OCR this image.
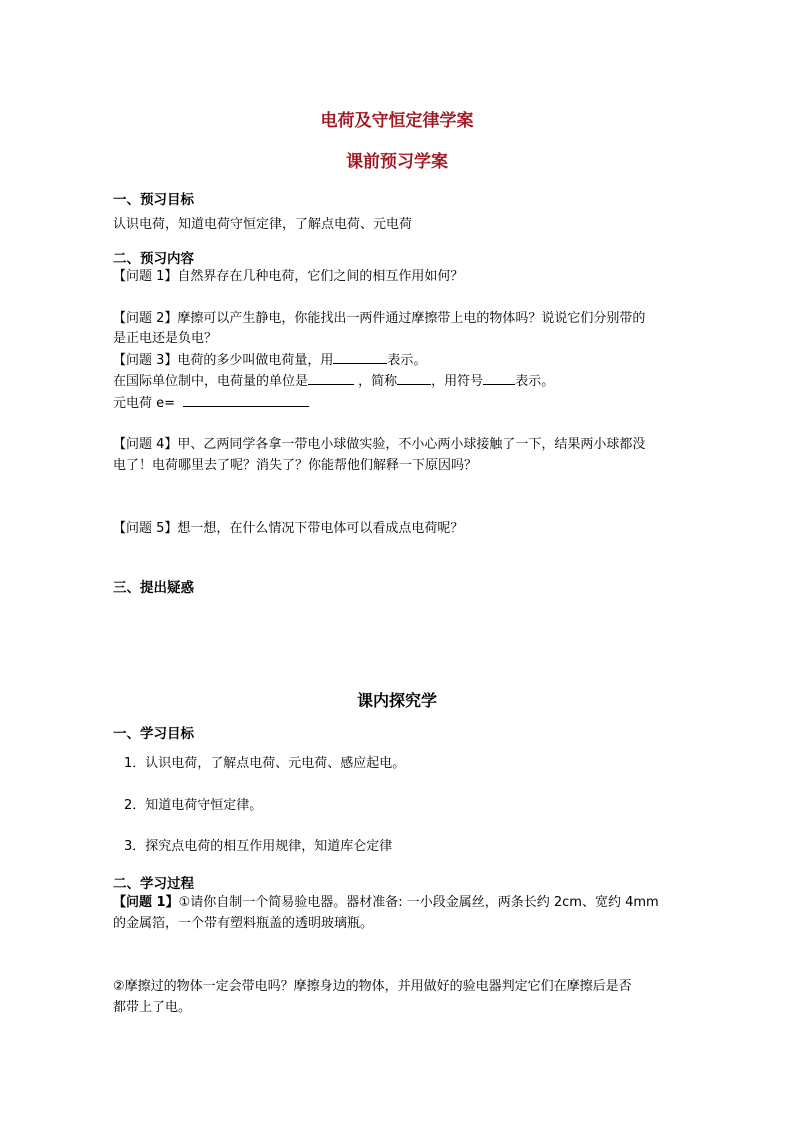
电荷及守恒定律学案
课前预习学案
一、预习目标
认识电荷，知道电荷守恒定律，了解点电荷、元电荷
二、预习内容
【问题 1】自然界存在几种电荷，它们之间的相互作用如何？
【问题 2】摩擦可以产生静电，你能找出一两件通过摩擦带上电的物体吗？说说它们分别带的
是正电还是负电？
【问题 3】电荷的多少叫做电荷量，用	表示。
在国际单位制中，电荷量的单位是	，简称	，用符号 表示。
元电荷 e=
【问题 4】甲、乙两同学各拿一带电小球做实验，不小心两小球接触了一下，结果两小球都没
电了！电荷哪里去了呢？消失了？你能帮他们解释一下原因吗？
【问题 5】想一想，在什么情况下带电体可以看成点电荷呢？
三、提出疑惑
课内探究学
一、学习目标
1．认识电荷，了解点电荷、元电荷、感应起电。
2．知道电荷守恒定律。
3．探究点电荷的相互作用规律，知道库仑定律
二、学习过程
【问题 1】①请你自制一个简易验电器。器材准备: 一小段金属丝，两条长约 2cm、宽约 4mm
的金属箔，一个带有塑料瓶盖的透明玻璃瓶。
②摩擦过的物体一定会带电吗？摩擦身边的物体，并用做好的验电器判定它们在摩擦后是否
都带上了电。
